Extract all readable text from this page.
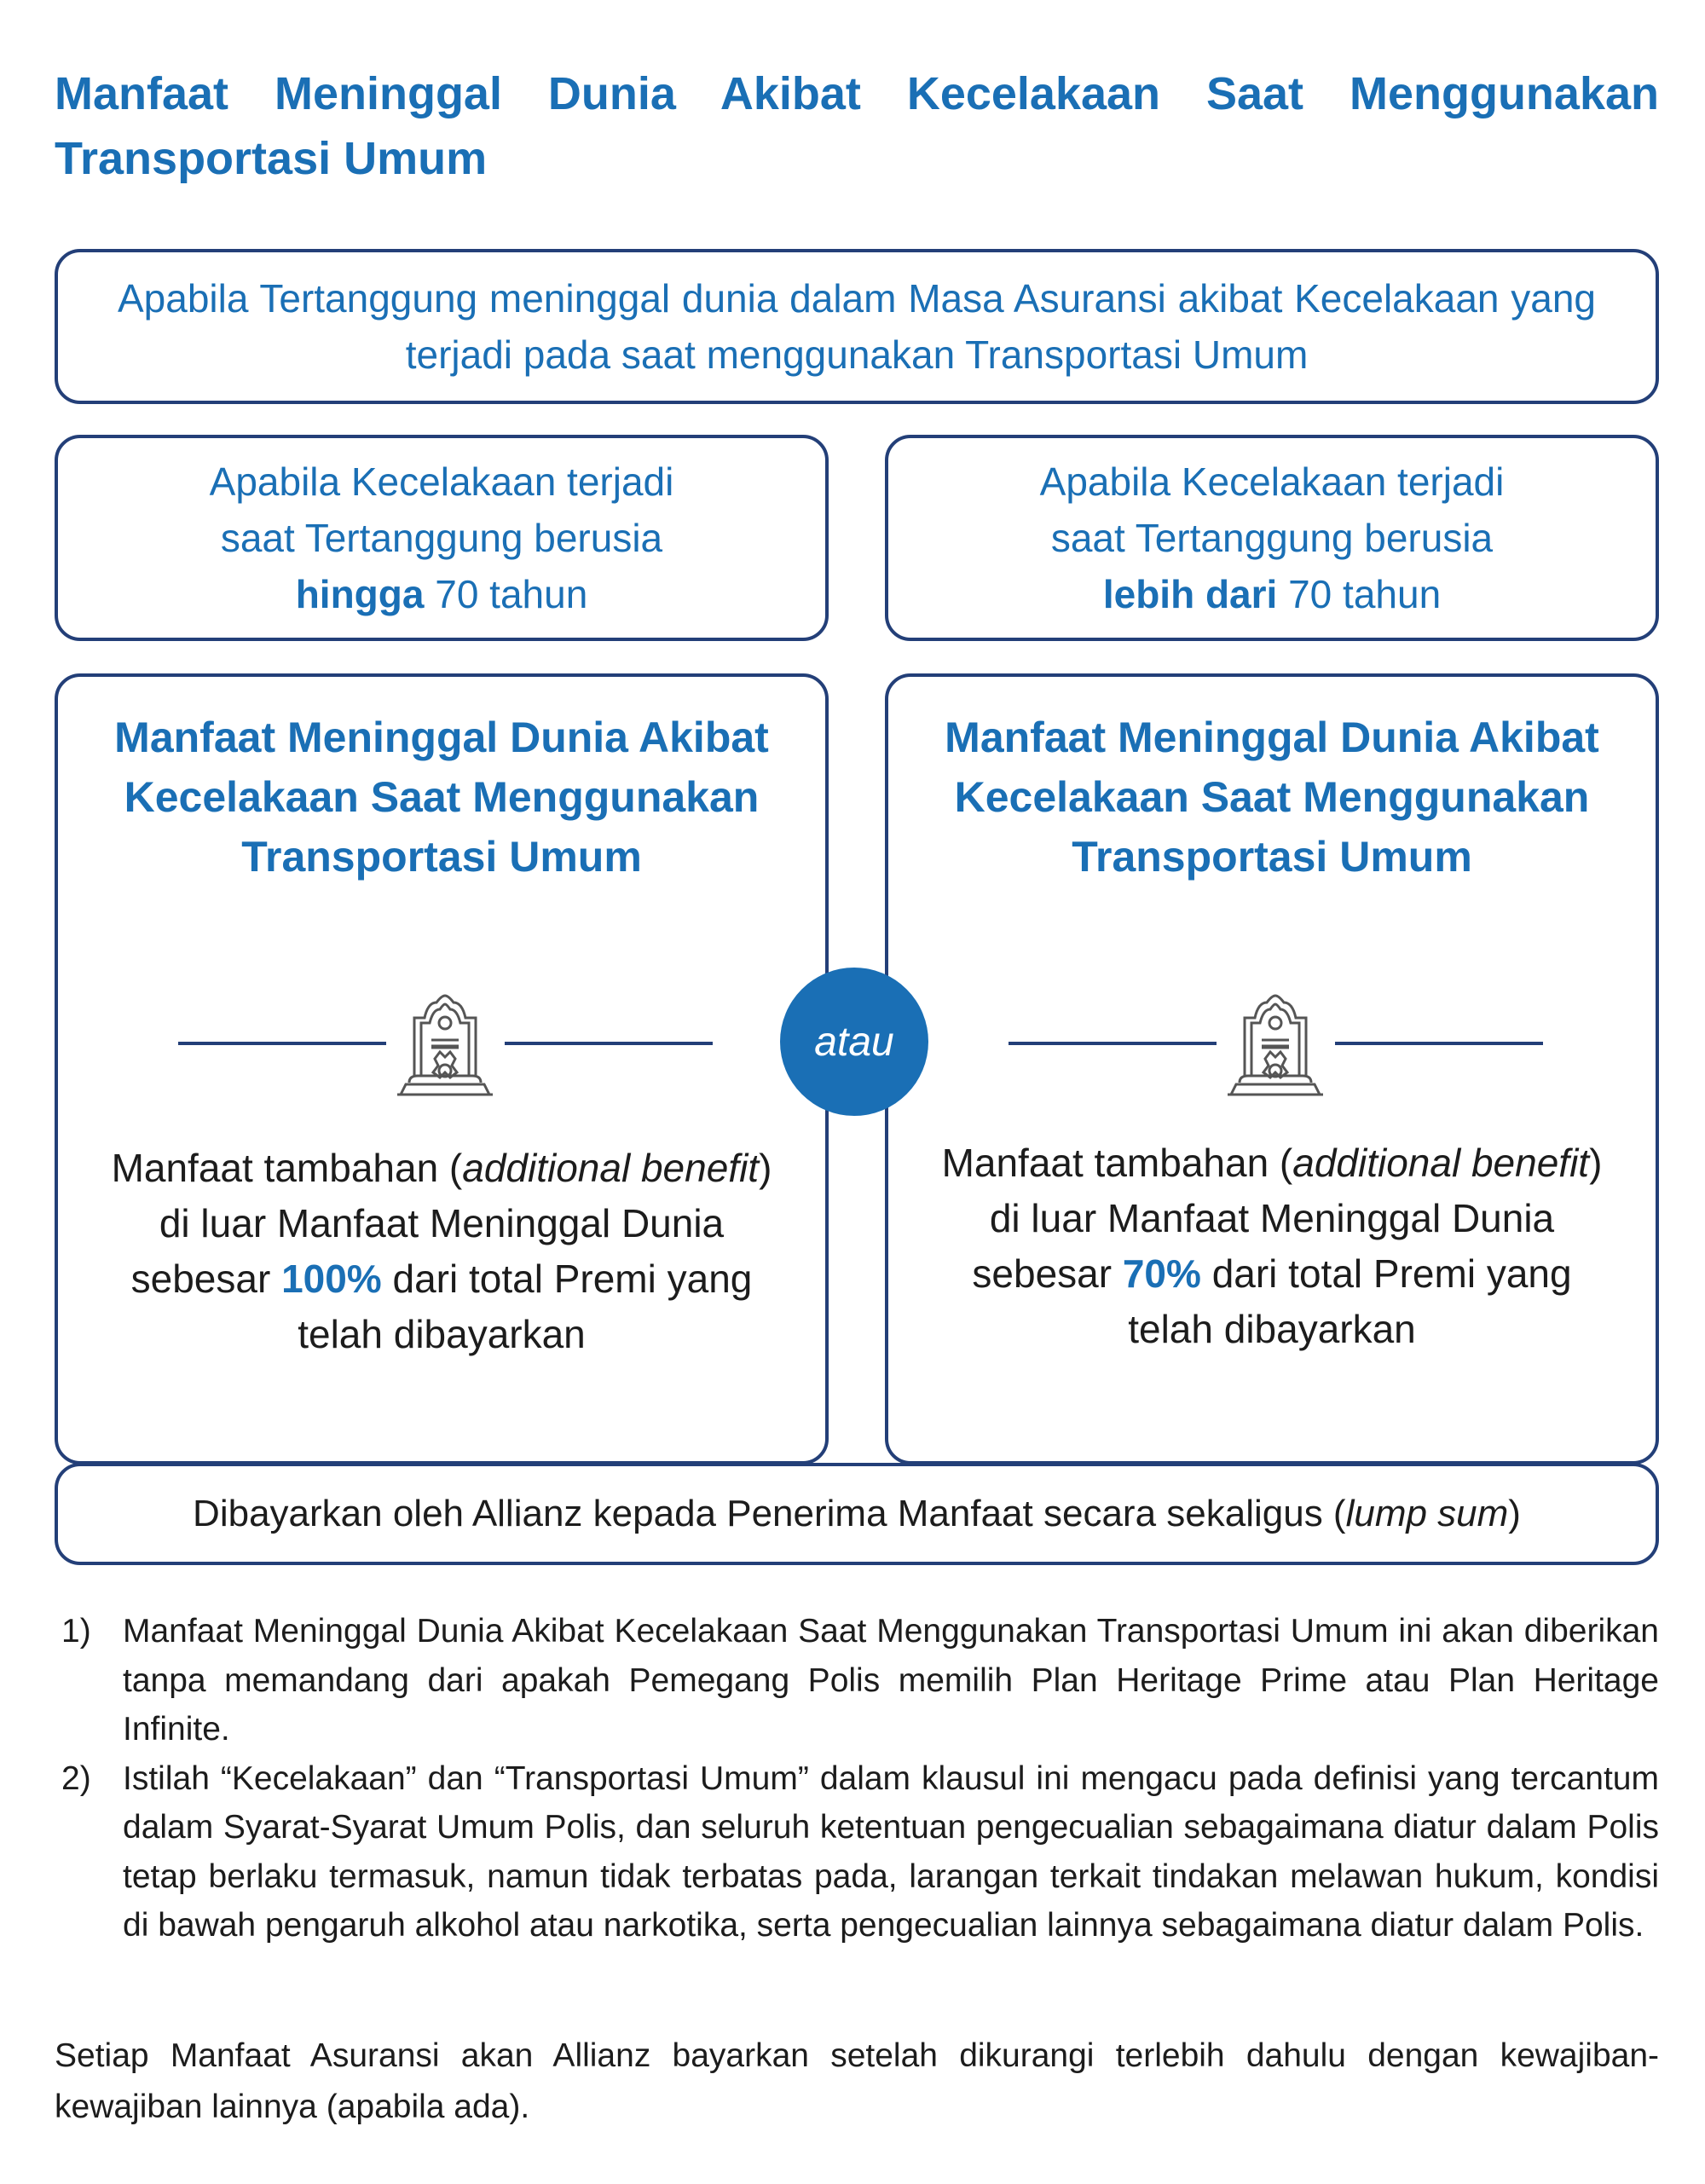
Manfaat Meninggal Dunia Akibat Kecelakaan Saat Menggunakan Transportasi Umum
Apabila Tertanggung meninggal dunia dalam Masa Asuransi akibat Kecelakaan yang terjadi pada saat menggunakan Transportasi Umum
Apabila Kecelakaan terjadi
saat Tertanggung berusia
hingga 70 tahun
Apabila Kecelakaan terjadi
saat Tertanggung berusia
lebih dari 70 tahun
Manfaat Meninggal Dunia Akibat Kecelakaan Saat Menggunakan Transportasi Umum
Manfaat tambahan (additional benefit) di luar Manfaat Meninggal Dunia sebesar 100% dari total Premi yang telah dibayarkan
Manfaat Meninggal Dunia Akibat Kecelakaan Saat Menggunakan Transportasi Umum
Manfaat tambahan (additional benefit) di luar Manfaat Meninggal Dunia sebesar 70% dari total Premi yang telah dibayarkan
atau
Dibayarkan oleh Allianz kepada Penerima Manfaat secara sekaligus (lump sum)
1) Manfaat Meninggal Dunia Akibat Kecelakaan Saat Menggunakan Transportasi Umum ini akan diberikan tanpa memandang dari apakah Pemegang Polis memilih Plan Heritage Prime atau Plan Heritage Infinite.
2) Istilah “Kecelakaan” dan “Transportasi Umum” dalam klausul ini mengacu pada definisi yang tercantum dalam Syarat-Syarat Umum Polis, dan seluruh ketentuan pengecualian sebagaimana diatur dalam Polis tetap berlaku termasuk, namun tidak terbatas pada, larangan terkait tindakan melawan hukum, kondisi di bawah pengaruh alkohol atau narkotika, serta pengecualian lainnya sebagaimana diatur dalam Polis.
Setiap Manfaat Asuransi akan Allianz bayarkan setelah dikurangi terlebih dahulu dengan kewajiban-kewajiban lainnya (apabila ada).
